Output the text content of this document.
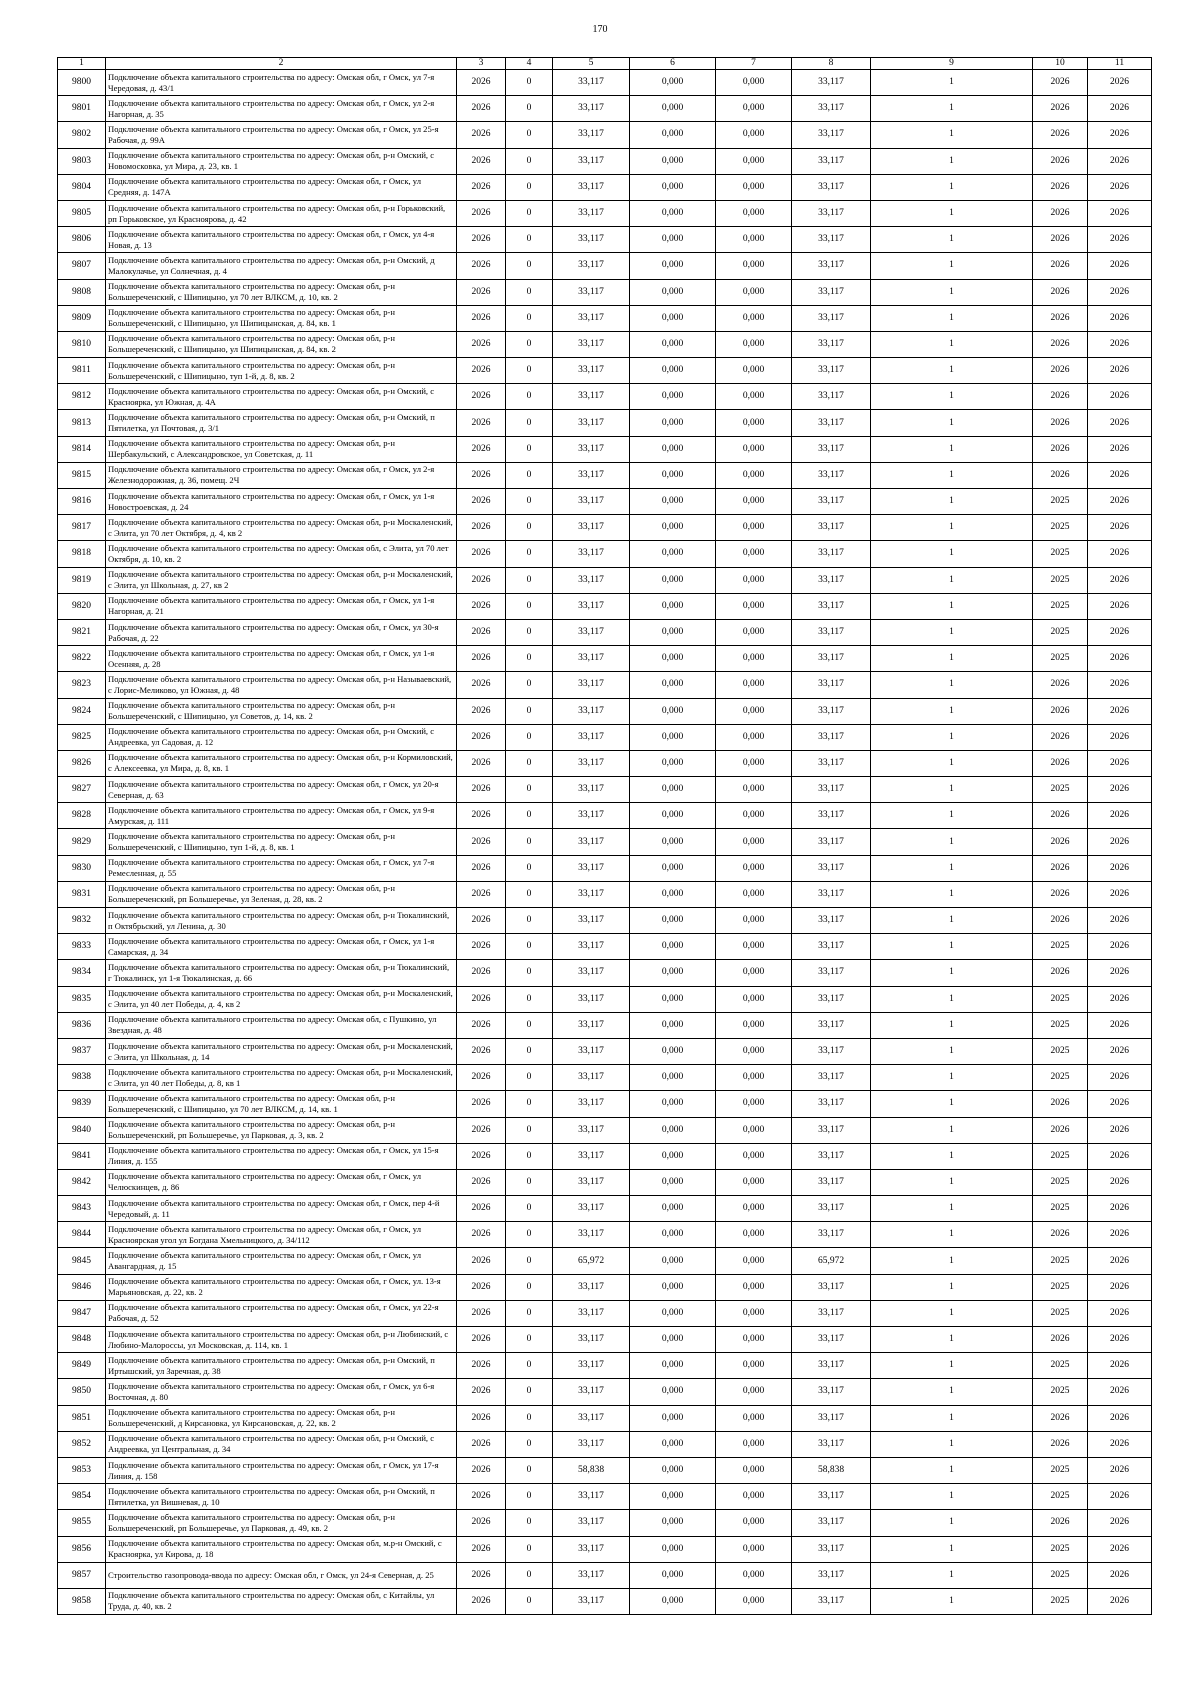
170
1	2	3	4	5	6	7	8	9	10	11
9800	Подключение объекта капитального строительства по адресу: Омская обл, г Омск, ул 7-я Чередовая, д. 43/1	2026	0	33,117	0,000	0,000	33,117	1	2026	2026
9801	Подключение объекта капитального строительства по адресу: Омская обл, г Омск, ул 2-я Нагорная, д. 35	2026	0	33,117	0,000	0,000	33,117	1	2026	2026
9802	Подключение объекта капитального строительства по адресу: Омская обл, г Омск, ул 25-я Рабочая, д. 99А	2026	0	33,117	0,000	0,000	33,117	1	2026	2026
9803	Подключение объекта капитального строительства по адресу: Омская обл, р-н Омский, с Новомосковка, ул Мира, д. 23, кв. 1	2026	0	33,117	0,000	0,000	33,117	1	2026	2026
9804	Подключение объекта капитального строительства по адресу: Омская обл, г Омск, ул Средняя, д. 147А	2026	0	33,117	0,000	0,000	33,117	1	2026	2026
9805	Подключение объекта капитального строительства по адресу: Омская обл, р-н Горьковский, рп Горьковское, ул Красноярова, д. 42	2026	0	33,117	0,000	0,000	33,117	1	2026	2026
9806	Подключение объекта капитального строительства по адресу: Омская обл, г Омск, ул 4-я Новая, д. 13	2026	0	33,117	0,000	0,000	33,117	1	2026	2026
9807	Подключение объекта капитального строительства по адресу: Омская обл, р-н Омский, д Малокулачье, ул Солнечная, д. 4	2026	0	33,117	0,000	0,000	33,117	1	2026	2026
9808	Подключение объекта капитального строительства по адресу: Омская обл, р-н Большереченский, с Шипицыно, ул 70 лет ВЛКСМ, д. 10, кв. 2	2026	0	33,117	0,000	0,000	33,117	1	2026	2026
9809	Подключение объекта капитального строительства по адресу: Омская обл, р-н Большереченский, с Шипицыно, ул Шипицынская, д. 84, кв. 1	2026	0	33,117	0,000	0,000	33,117	1	2026	2026
9810	Подключение объекта капитального строительства по адресу: Омская обл, р-н Большереченский, с Шипицыно, ул Шипицынская, д. 84, кв. 2	2026	0	33,117	0,000	0,000	33,117	1	2026	2026
9811	Подключение объекта капитального строительства по адресу: Омская обл, р-н Большереченский, с Шипицыно, туп 1-й, д. 8, кв. 2	2026	0	33,117	0,000	0,000	33,117	1	2026	2026
9812	Подключение объекта капитального строительства по адресу: Омская обл, р-н Омский, с Красноярка, ул Южная, д. 4А	2026	0	33,117	0,000	0,000	33,117	1	2026	2026
9813	Подключение объекта капитального строительства по адресу: Омская обл, р-н Омский, п Пятилетка, ул Почтовая, д. 3/1	2026	0	33,117	0,000	0,000	33,117	1	2026	2026
9814	Подключение объекта капитального строительства по адресу: Омская обл, р-н Шербакульский, с Александровское, ул Советская, д. 11	2026	0	33,117	0,000	0,000	33,117	1	2026	2026
9815	Подключение объекта капитального строительства по адресу: Омская обл, г Омск, ул 2-я Железнодорожная, д. 36, помещ. 2Ч	2026	0	33,117	0,000	0,000	33,117	1	2026	2026
9816	Подключение объекта капитального строительства по адресу: Омская обл, г Омск, ул 1-я Новостроевская, д. 24	2026	0	33,117	0,000	0,000	33,117	1	2025	2026
9817	Подключение объекта капитального строительства по адресу: Омская обл, р-н Москаленский, с Элита, ул 70 лет Октября, д. 4, кв 2	2026	0	33,117	0,000	0,000	33,117	1	2025	2026
9818	Подключение объекта капитального строительства по адресу: Омская обл, с Элита, ул 70 лет Октября, д. 10, кв. 2	2026	0	33,117	0,000	0,000	33,117	1	2025	2026
9819	Подключение объекта капитального строительства по адресу: Омская обл, р-н Москаленский, с Элита, ул Школьная, д. 27, кв 2	2026	0	33,117	0,000	0,000	33,117	1	2025	2026
9820	Подключение объекта капитального строительства по адресу: Омская обл, г Омск, ул 1-я Нагорная, д. 21	2026	0	33,117	0,000	0,000	33,117	1	2025	2026
9821	Подключение объекта капитального строительства по адресу: Омская обл, г Омск, ул 30-я Рабочая, д. 22	2026	0	33,117	0,000	0,000	33,117	1	2025	2026
9822	Подключение объекта капитального строительства по адресу: Омская обл, г Омск, ул 1-я Осенняя, д. 28	2026	0	33,117	0,000	0,000	33,117	1	2025	2026
9823	Подключение объекта капитального строительства по адресу: Омская обл, р-н Называевский, с Лорис-Меликово, ул Южная, д. 48	2026	0	33,117	0,000	0,000	33,117	1	2026	2026
9824	Подключение объекта капитального строительства по адресу: Омская обл, р-н Большереченский, с Шипицыно, ул Советов, д. 14, кв. 2	2026	0	33,117	0,000	0,000	33,117	1	2026	2026
9825	Подключение объекта капитального строительства по адресу: Омская обл, р-н Омский, с Андреевка, ул Садовая, д. 12	2026	0	33,117	0,000	0,000	33,117	1	2026	2026
9826	Подключение объекта капитального строительства по адресу: Омская обл, р-н Кормиловский, с Алексеевка, ул Мира, д. 8, кв. 1	2026	0	33,117	0,000	0,000	33,117	1	2026	2026
9827	Подключение объекта капитального строительства по адресу: Омская обл, г Омск, ул 20-я Северная, д. 63	2026	0	33,117	0,000	0,000	33,117	1	2025	2026
9828	Подключение объекта капитального строительства по адресу: Омская обл, г Омск, ул 9-я Амурская, д. 111	2026	0	33,117	0,000	0,000	33,117	1	2026	2026
9829	Подключение объекта капитального строительства по адресу: Омская обл, р-н Большереченский, с Шипицыно, туп 1-й, д. 8, кв. 1	2026	0	33,117	0,000	0,000	33,117	1	2026	2026
9830	Подключение объекта капитального строительства по адресу: Омская обл, г Омск, ул 7-я Ремесленная, д. 55	2026	0	33,117	0,000	0,000	33,117	1	2026	2026
9831	Подключение объекта капитального строительства по адресу: Омская обл, р-н Большереченский, рп Большеречье, ул Зеленая, д. 28, кв. 2	2026	0	33,117	0,000	0,000	33,117	1	2026	2026
9832	Подключение объекта капитального строительства по адресу: Омская обл, р-н Тюкалинский, п Октябрьский, ул Ленина, д. 30	2026	0	33,117	0,000	0,000	33,117	1	2026	2026
9833	Подключение объекта капитального строительства по адресу: Омская обл, г Омск, ул 1-я Самарская, д. 34	2026	0	33,117	0,000	0,000	33,117	1	2025	2026
9834	Подключение объекта капитального строительства по адресу: Омская обл, р-н Тюкалинский, г Тюкалинск, ул 1-я Тюкалинская, д. 66	2026	0	33,117	0,000	0,000	33,117	1	2026	2026
9835	Подключение объекта капитального строительства по адресу: Омская обл, р-н Москаленский, с Элита, ул 40 лет Победы, д. 4, кв 2	2026	0	33,117	0,000	0,000	33,117	1	2025	2026
9836	Подключение объекта капитального строительства по адресу: Омская обл, с Пушкино, ул Звездная, д. 48	2026	0	33,117	0,000	0,000	33,117	1	2025	2026
9837	Подключение объекта капитального строительства по адресу: Омская обл, р-н Москаленский, с Элита, ул Школьная, д. 14	2026	0	33,117	0,000	0,000	33,117	1	2025	2026
9838	Подключение объекта капитального строительства по адресу: Омская обл, р-н Москаленский, с Элита, ул 40 лет Победы, д. 8, кв 1	2026	0	33,117	0,000	0,000	33,117	1	2025	2026
9839	Подключение объекта капитального строительства по адресу: Омская обл, р-н Большереченский, с Шипицыно, ул 70 лет ВЛКСМ, д. 14, кв. 1	2026	0	33,117	0,000	0,000	33,117	1	2026	2026
9840	Подключение объекта капитального строительства по адресу: Омская обл, р-н Большереченский, рп Большеречье, ул Парковая, д. 3, кв. 2	2026	0	33,117	0,000	0,000	33,117	1	2026	2026
9841	Подключение объекта капитального строительства по адресу: Омская обл, г Омск, ул 15-я Линия, д. 155	2026	0	33,117	0,000	0,000	33,117	1	2025	2026
9842	Подключение объекта капитального строительства по адресу: Омская обл, г Омск, ул Челюскинцев, д. 86	2026	0	33,117	0,000	0,000	33,117	1	2025	2026
9843	Подключение объекта капитального строительства по адресу: Омская обл, г Омск, пер 4-й Чередовый, д. 11	2026	0	33,117	0,000	0,000	33,117	1	2025	2026
9844	Подключение объекта капитального строительства по адресу: Омская обл, г Омск, ул Красноярская угол ул Богдана Хмельницкого, д. 34/112	2026	0	33,117	0,000	0,000	33,117	1	2026	2026
9845	Подключение объекта капитального строительства по адресу: Омская обл, г Омск, ул Авангардная, д. 15	2026	0	65,972	0,000	0,000	65,972	1	2025	2026
9846	Подключение объекта капитального строительства по адресу: Омская обл, г Омск, ул. 13-я Марьяновская, д. 22, кв. 2	2026	0	33,117	0,000	0,000	33,117	1	2025	2026
9847	Подключение объекта капитального строительства по адресу: Омская обл, г Омск, ул 22-я Рабочая, д. 52	2026	0	33,117	0,000	0,000	33,117	1	2025	2026
9848	Подключение объекта капитального строительства по адресу: Омская обл, р-н Любинский, с Любино-Малороссы, ул Московская, д. 114, кв. 1	2026	0	33,117	0,000	0,000	33,117	1	2026	2026
9849	Подключение объекта капитального строительства по адресу: Омская обл, р-н Омский, п Иртышский, ул Заречная, д. 38	2026	0	33,117	0,000	0,000	33,117	1	2025	2026
9850	Подключение объекта капитального строительства по адресу: Омская обл, г Омск, ул 6-я Восточная, д. 80	2026	0	33,117	0,000	0,000	33,117	1	2025	2026
9851	Подключение объекта капитального строительства по адресу: Омская обл, р-н Большереченский, д Кирсановка, ул Кирсановская, д. 22, кв. 2	2026	0	33,117	0,000	0,000	33,117	1	2026	2026
9852	Подключение объекта капитального строительства по адресу: Омская обл, р-н Омский, с Андреевка, ул Центральная, д. 34	2026	0	33,117	0,000	0,000	33,117	1	2026	2026
9853	Подключение объекта капитального строительства по адресу: Омская обл, г Омск, ул 17-я Линия, д. 158	2026	0	58,838	0,000	0,000	58,838	1	2025	2026
9854	Подключение объекта капитального строительства по адресу: Омская обл, р-н Омский, п Пятилетка, ул Вишневая, д. 10	2026	0	33,117	0,000	0,000	33,117	1	2025	2026
9855	Подключение объекта капитального строительства по адресу: Омская обл, р-н Большереченский, рп Большеречье, ул Парковая, д. 49, кв. 2	2026	0	33,117	0,000	0,000	33,117	1	2026	2026
9856	Подключение объекта капитального строительства по адресу: Омская обл, м.р-н Омский, с Красноярка, ул Кирова, д. 18	2026	0	33,117	0,000	0,000	33,117	1	2025	2026
9857	Строительство газопровода-ввода по адресу: Омская обл, г Омск, ул 24-я Северная, д. 25	2026	0	33,117	0,000	0,000	33,117	1	2025	2026
9858	Подключение объекта капитального строительства по адресу: Омская обл, с Китайлы, ул Труда, д. 40, кв. 2	2026	0	33,117	0,000	0,000	33,117	1	2025	2026
